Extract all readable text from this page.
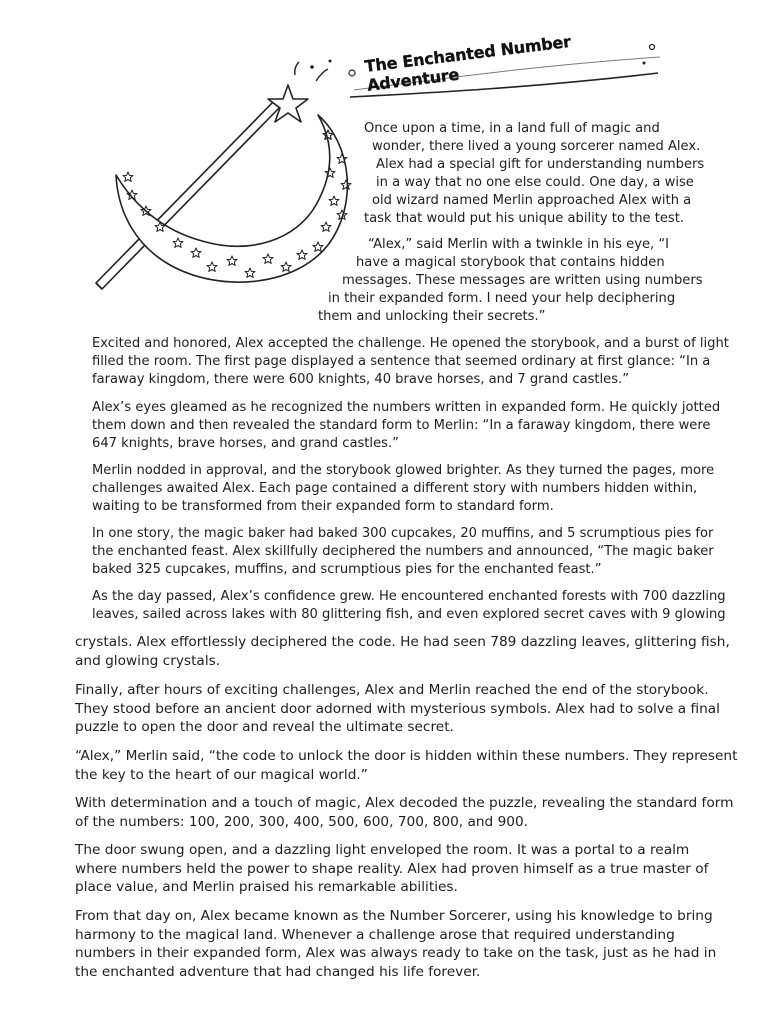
The Enchanted Number Adventure
Once upon a time, in a land full of magic and
wonder, there lived a young sorcerer named Alex.
Alex had a special gift for understanding numbers
in a way that no one else could. One day, a wise
old wizard named Merlin approached Alex with a
task that would put his unique ability to the test.
“Alex,” said Merlin with a twinkle in his eye, “I
have a magical storybook that contains hidden
messages. These messages are written using numbers
in their expanded form. I need your help deciphering
them and unlocking their secrets.”
Excited and honored, Alex accepted the challenge. He opened the storybook, and a burst of light
filled the room. The first page displayed a sentence that seemed ordinary at first glance: “In a
faraway kingdom, there were 600 knights, 40 brave horses, and 7 grand castles.”
Alex’s eyes gleamed as he recognized the numbers written in expanded form. He quickly jotted
them down and then revealed the standard form to Merlin: “In a faraway kingdom, there were
647 knights, brave horses, and grand castles.”
Merlin nodded in approval, and the storybook glowed brighter. As they turned the pages, more
challenges awaited Alex. Each page contained a different story with numbers hidden within,
waiting to be transformed from their expanded form to standard form.
In one story, the magic baker had baked 300 cupcakes, 20 muffins, and 5 scrumptious pies for
the enchanted feast. Alex skillfully deciphered the numbers and announced, “The magic baker
baked 325 cupcakes, muffins, and scrumptious pies for the enchanted feast.”
As the day passed, Alex’s confidence grew. He encountered enchanted forests with 700 dazzling
leaves, sailed across lakes with 80 glittering fish, and even explored secret caves with 9 glowing
crystals. Alex effortlessly deciphered the code. He had seen 789 dazzling leaves, glittering fish,
and glowing crystals.
Finally, after hours of exciting challenges, Alex and Merlin reached the end of the storybook.
They stood before an ancient door adorned with mysterious symbols. Alex had to solve a final
puzzle to open the door and reveal the ultimate secret.
“Alex,” Merlin said, “the code to unlock the door is hidden within these numbers. They represent
the key to the heart of our magical world.”
With determination and a touch of magic, Alex decoded the puzzle, revealing the standard form
of the numbers: 100, 200, 300, 400, 500, 600, 700, 800, and 900.
The door swung open, and a dazzling light enveloped the room. It was a portal to a realm
where numbers held the power to shape reality. Alex had proven himself as a true master of
place value, and Merlin praised his remarkable abilities.
From that day on, Alex became known as the Number Sorcerer, using his knowledge to bring
harmony to the magical land. Whenever a challenge arose that required understanding
numbers in their expanded form, Alex was always ready to take on the task, just as he had in
the enchanted adventure that had changed his life forever.
